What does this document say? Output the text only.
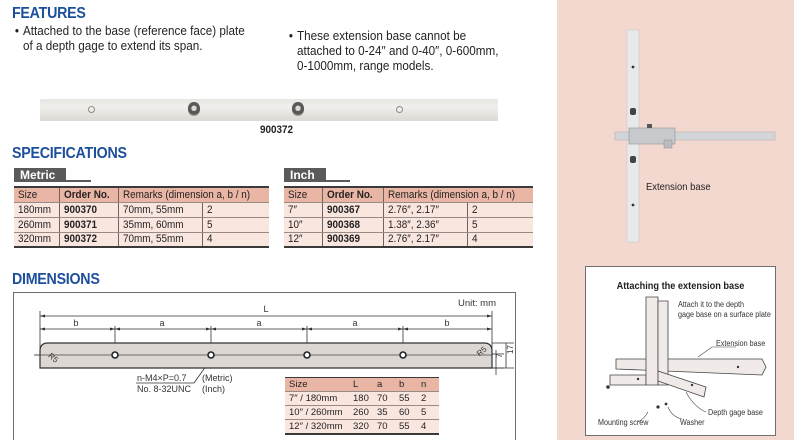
FEATURES
• Attached to the base (reference face) plate
of a depth gage to extend its span.
• These extension base cannot be
attached to 0-24″ and 0-40″, 0-600mm,
0-1000mm, range models.
900372
SPECIFICATIONS
Metric
Size	Order No.	Remarks (dimension a, b / n)	
180mm	900370	70mm, 55mm	2
260mm	900371	35mm, 60mm	5
320mm	900372	70mm, 55mm	4
Inch
Size	Order No.	Remarks (dimension a, b / n)	
7″	900367	2.76″, 2.17″	2
10″	900368	1.38″, 2.36″	5
12″	900369	2.76″, 2.17″	4
DIMENSIONS
Unit: mm
L
b	a	a	a	b
R5	R5 7
17
n-M4×P=0.7
No. 8-32UNC
(Metric)
(Inch)	Size	L	a	b	n
7″ / 180mm	180	70	55	2
10″ / 260mm	260	35	60	5
12″ / 320mm	320	70	55	4
Extension base
Attaching the extension base
Attach it to the depth
gage base on a surface plate
Extension base
Depth gage base
Mounting screw	Washer
